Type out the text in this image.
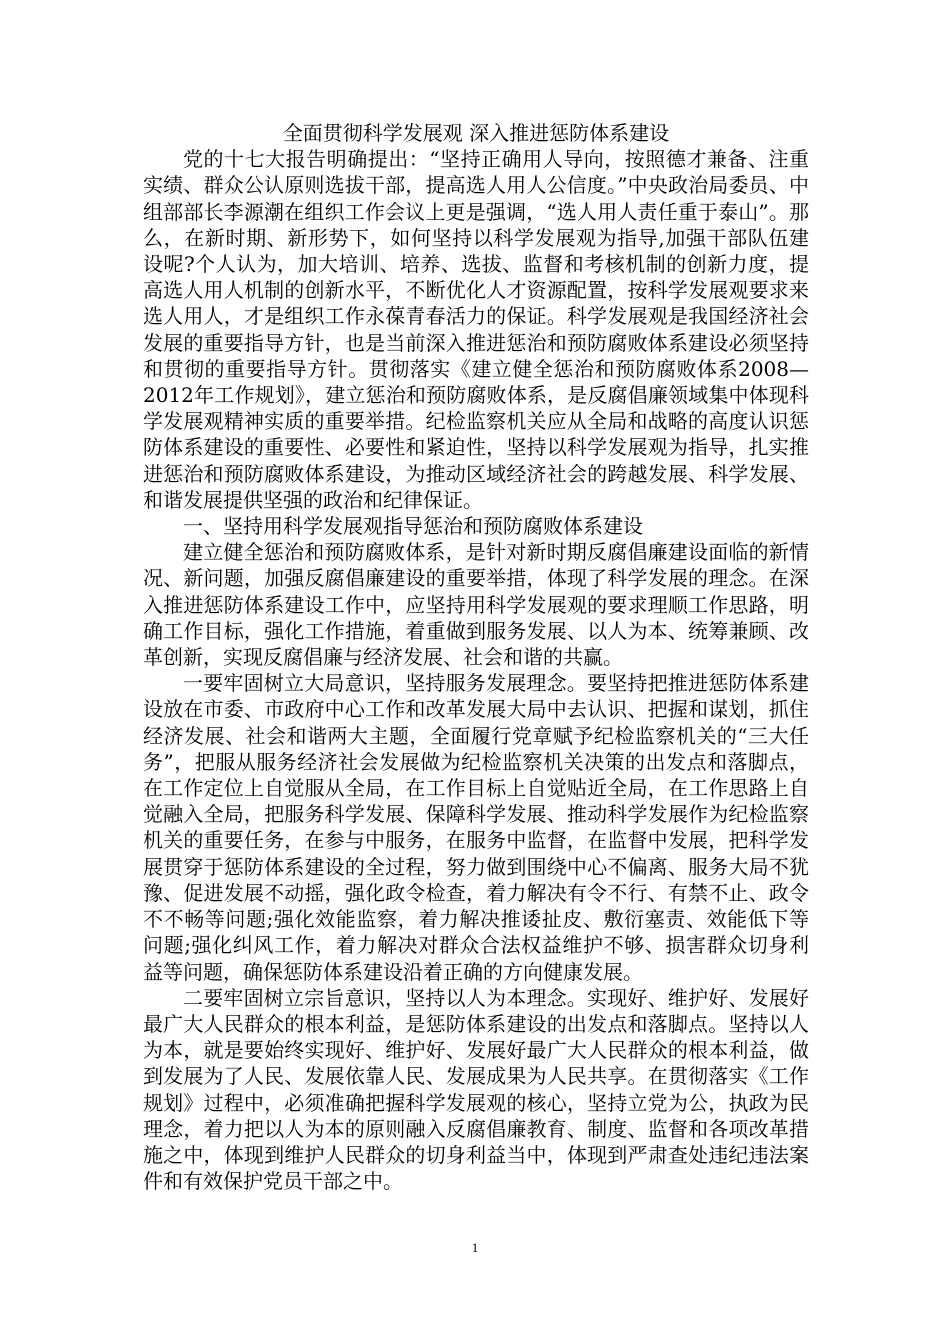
全面贯彻科学发展观 深入推进惩防体系建设

党的十七大报告明确提出：“坚持正确用人导向，按照德才兼备、注重实绩、群众公认原则选拔干部，提高选人用人公信度。”中央政治局委员、中组部部长李源潮在组织工作会议上更是强调，“选人用人责任重于泰山”。那么，在新时期、新形势下，如何坚持以科学发展观为指导,加强干部队伍建设呢?个人认为，加大培训、培养、选拔、监督和考核机制的创新力度，提高选人用人机制的创新水平，不断优化人才资源配置，按科学发展观要求来选人用人，才是组织工作永葆青春活力的保证。科学发展观是我国经济社会发展的重要指导方针，也是当前深入推进惩治和预防腐败体系建设必须坚持和贯彻的重要指导方针。贯彻落实《建立健全惩治和预防腐败体系2008—2012年工作规划》，建立惩治和预防腐败体系，是反腐倡廉领域集中体现科学发展观精神实质的重要举措。纪检监察机关应从全局和战略的高度认识惩防体系建设的重要性、必要性和紧迫性，坚持以科学发展观为指导，扎实推进惩治和预防腐败体系建设，为推动区域经济社会的跨越发展、科学发展、和谐发展提供坚强的政治和纪律保证。

一、坚持用科学发展观指导惩治和预防腐败体系建设

建立健全惩治和预防腐败体系，是针对新时期反腐倡廉建设面临的新情况、新问题，加强反腐倡廉建设的重要举措，体现了科学发展的理念。在深入推进惩防体系建设工作中，应坚持用科学发展观的要求理顺工作思路，明确工作目标，强化工作措施，着重做到服务发展、以人为本、统筹兼顾、改革创新，实现反腐倡廉与经济发展、社会和谐的共赢。

一要牢固树立大局意识，坚持服务发展理念。要坚持把推进惩防体系建设放在市委、市政府中心工作和改革发展大局中去认识、把握和谋划，抓住经济发展、社会和谐两大主题，全面履行党章赋予纪检监察机关的“三大任务”，把服从服务经济社会发展做为纪检监察机关决策的出发点和落脚点，在工作定位上自觉服从全局，在工作目标上自觉贴近全局，在工作思路上自觉融入全局，把服务科学发展、保障科学发展、推动科学发展作为纪检监察机关的重要任务，在参与中服务，在服务中监督，在监督中发展，把科学发展贯穿于惩防体系建设的全过程，努力做到围绕中心不偏离、服务大局不犹豫、促进发展不动摇，强化政令检查，着力解决有令不行、有禁不止、政令不不畅等问题;强化效能监察，着力解决推诿扯皮、敷衍塞责、效能低下等问题;强化纠风工作，着力解决对群众合法权益维护不够、损害群众切身利益等问题，确保惩防体系建设沿着正确的方向健康发展。

二要牢固树立宗旨意识，坚持以人为本理念。实现好、维护好、发展好最广大人民群众的根本利益，是惩防体系建设的出发点和落脚点。坚持以人为本，就是要始终实现好、维护好、发展好最广大人民群众的根本利益，做到发展为了人民、发展依靠人民、发展成果为人民共享。在贯彻落实《工作规划》过程中，必须准确把握科学发展观的核心，坚持立党为公，执政为民理念，着力把以人为本的原则融入反腐倡廉教育、制度、监督和各项改革措施之中，体现到维护人民群众的切身利益当中，体现到严肃查处违纪违法案件和有效保护党员干部之中。

1
